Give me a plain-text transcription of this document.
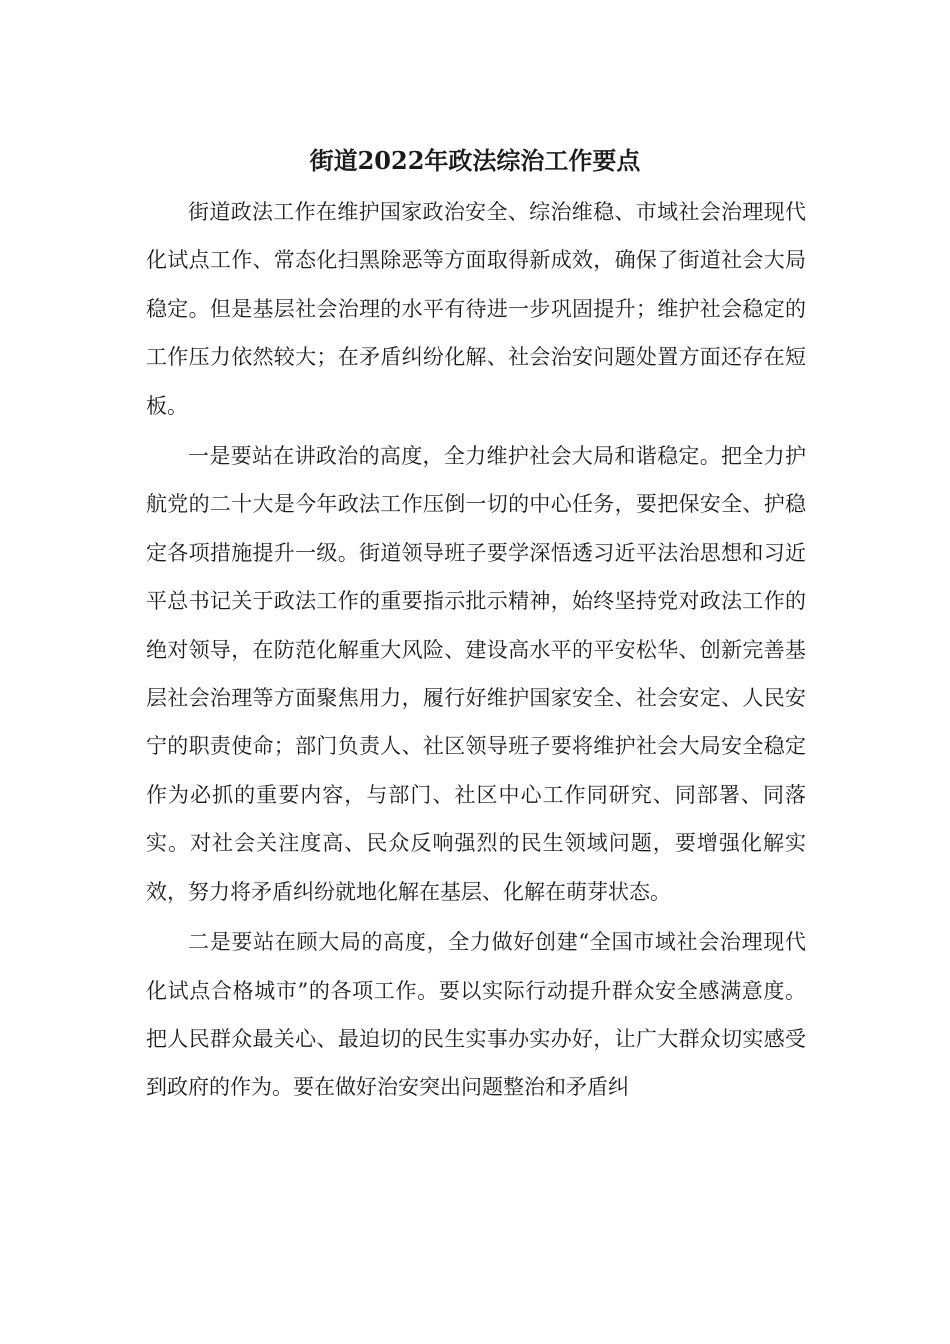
街道2022年政法综治工作要点

街道政法工作在维护国家政治安全、综治维稳、市域社会治理现代化试点工作、常态化扫黑除恶等方面取得新成效，确保了街道社会大局稳定。但是基层社会治理的水平有待进一步巩固提升；维护社会稳定的工作压力依然较大；在矛盾纠纷化解、社会治安问题处置方面还存在短板。

一是要站在讲政治的高度，全力维护社会大局和谐稳定。把全力护航党的二十大是今年政法工作压倒一切的中心任务，要把保安全、护稳定各项措施提升一级。街道领导班子要学深悟透习近平法治思想和习近平总书记关于政法工作的重要指示批示精神，始终坚持党对政法工作的绝对领导，在防范化解重大风险、建设高水平的平安松华、创新完善基层社会治理等方面聚焦用力，履行好维护国家安全、社会安定、人民安宁的职责使命；部门负责人、社区领导班子要将维护社会大局安全稳定作为必抓的重要内容，与部门、社区中心工作同研究、同部署、同落实。对社会关注度高、民众反响强烈的民生领域问题，要增强化解实效，努力将矛盾纠纷就地化解在基层、化解在萌芽状态。

二是要站在顾大局的高度，全力做好创建“全国市域社会治理现代化试点合格城市”的各项工作。要以实际行动提升群众安全感满意度。把人民群众最关心、最迫切的民生实事办实办好，让广大群众切实感受到政府的作为。要在做好治安突出问题整治和矛盾纠
